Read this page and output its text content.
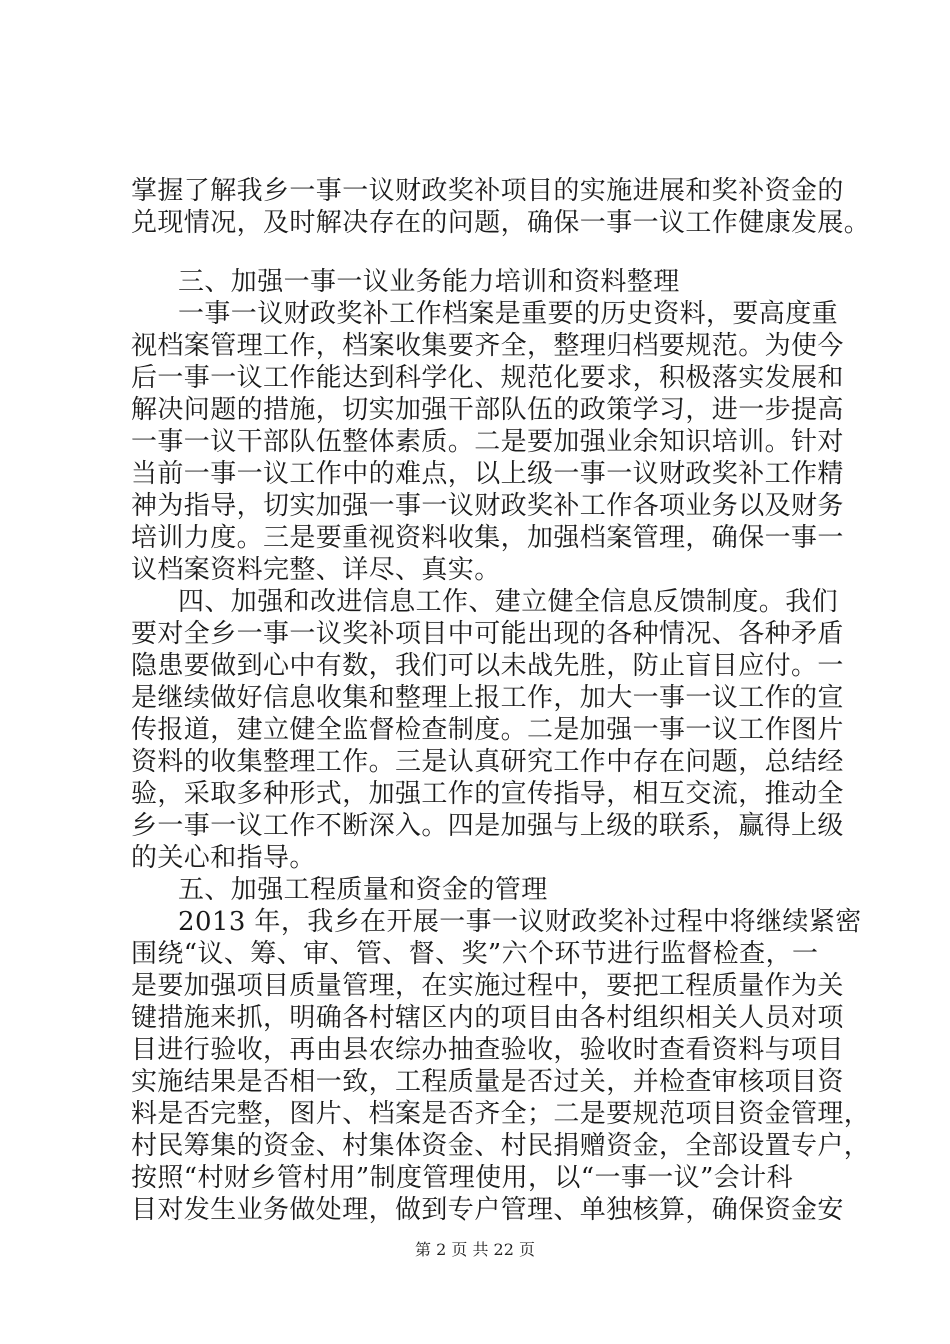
掌握了解我乡一事一议财政奖补项目的实施进展和奖补资金的
兑现情况，及时解决存在的问题，确保一事一议工作健康发展。
三、加强一事一议业务能力培训和资料整理
一事一议财政奖补工作档案是重要的历史资料，要高度重
视档案管理工作，档案收集要齐全，整理归档要规范。为使今
后一事一议工作能达到科学化、规范化要求，积极落实发展和
解决问题的措施，切实加强干部队伍的政策学习，进一步提高
一事一议干部队伍整体素质。二是要加强业余知识培训。针对
当前一事一议工作中的难点，以上级一事一议财政奖补工作精
神为指导，切实加强一事一议财政奖补工作各项业务以及财务
培训力度。三是要重视资料收集，加强档案管理，确保一事一
议档案资料完整、详尽、真实。
四、加强和改进信息工作、建立健全信息反馈制度。我们
要对全乡一事一议奖补项目中可能出现的各种情况、各种矛盾
隐患要做到心中有数，我们可以未战先胜，防止盲目应付。一
是继续做好信息收集和整理上报工作，加大一事一议工作的宣
传报道，建立健全监督检查制度。二是加强一事一议工作图片
资料的收集整理工作。三是认真研究工作中存在问题，总结经
验，采取多种形式，加强工作的宣传指导，相互交流，推动全
乡一事一议工作不断深入。四是加强与上级的联系，赢得上级
的关心和指导。
五、加强工程质量和资金的管理
2013 年，我乡在开展一事一议财政奖补过程中将继续紧密
围绕“议、筹、审、管、督、奖”六个环节进行监督检查，一
是要加强项目质量管理，在实施过程中，要把工程质量作为关
键措施来抓，明确各村辖区内的项目由各村组织相关人员对项
目进行验收，再由县农综办抽查验收，验收时查看资料与项目
实施结果是否相一致，工程质量是否过关，并检查审核项目资
料是否完整，图片、档案是否齐全；二是要规范项目资金管理，
村民筹集的资金、村集体资金、村民捐赠资金，全部设置专户，
按照“村财乡管村用”制度管理使用，以“一事一议”会计科
目对发生业务做处理，做到专户管理、单独核算，确保资金安
第 2 页 共 22 页
